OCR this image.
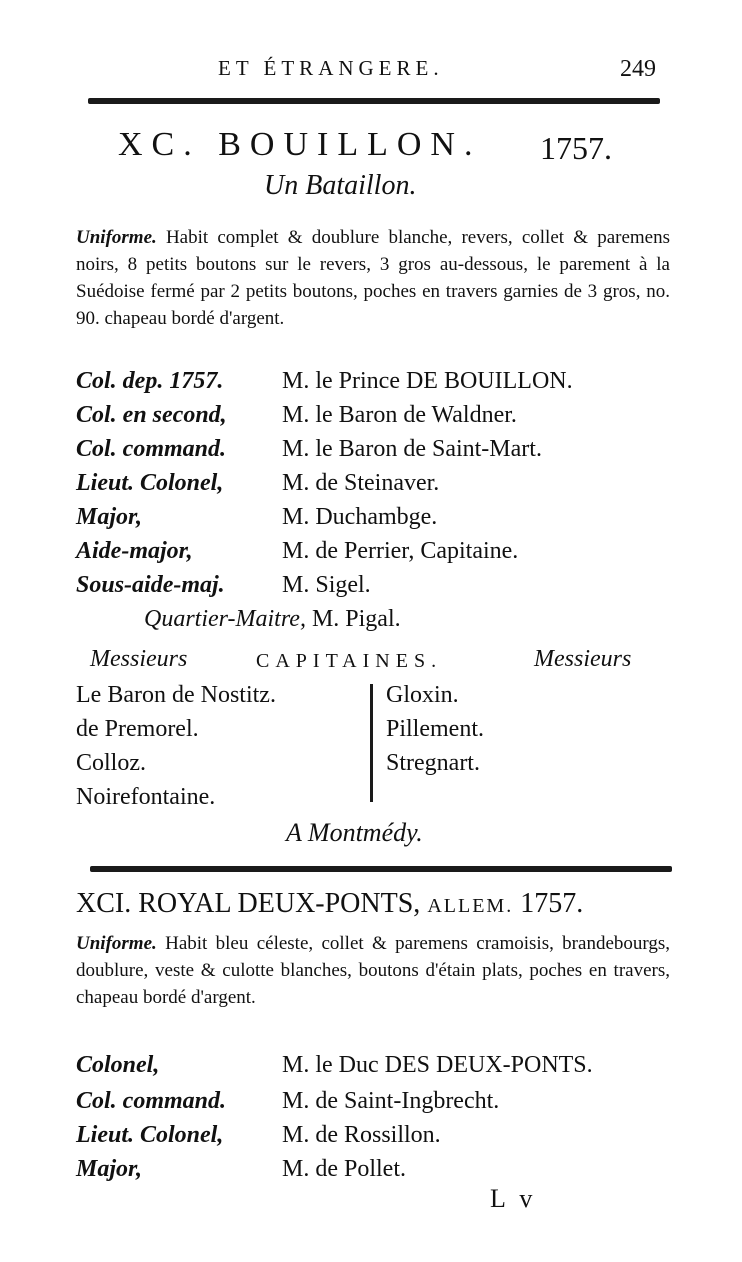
ET ÉTRANGERE.	249
XC. BOUILLON. 1757.
Un Bataillon.
Uniforme. Habit complet & doublure blanche, revers, collet & paremens noirs, 8 petits boutons sur le revers, 3 gros au-dessous, le parement à la Suédoise fermé par 2 petits boutons, poches en travers garnies de 3 gros, no. 90. chapeau bordé d'argent.
Col. dep. 1757. M. le Prince DE BOUILLON.
Col. en second, M. le Baron de Waldner.
Col. command. M. le Baron de Saint-Mart.
Lieut. Colonel, M. de Steinaver.
Major,	M. Duchambge.
Aide-major,	M. de Perrier, Capitaine.
Sous-aide-maj. M. Sigel.
Quartier-Maitre, M. Pigal.
Messieurs	CAPITAINES.	Messieurs
Le Baron de Nostitz.
de Premorel.
Colloz.
Noirefontaine.
Gloxin.
Pillement.
Stregnart.
A Montmédy.
XCI. ROYAL DEUX-PONTS, ALLEM. 1757.
Uniforme. Habit bleu céleste, collet & paremens cramoisis, brandebourgs, doublure, veste & culotte blanches, boutons d'étain plats, poches en travers, chapeau bordé d'argent.
Colonel,	M. le Duc DES DEUX-PONTS.
Col. command. M. de Saint-Ingbrecht.
Lieut. Colonel, M. de Rossillon.
Major,	M. de Pollet.
L v
